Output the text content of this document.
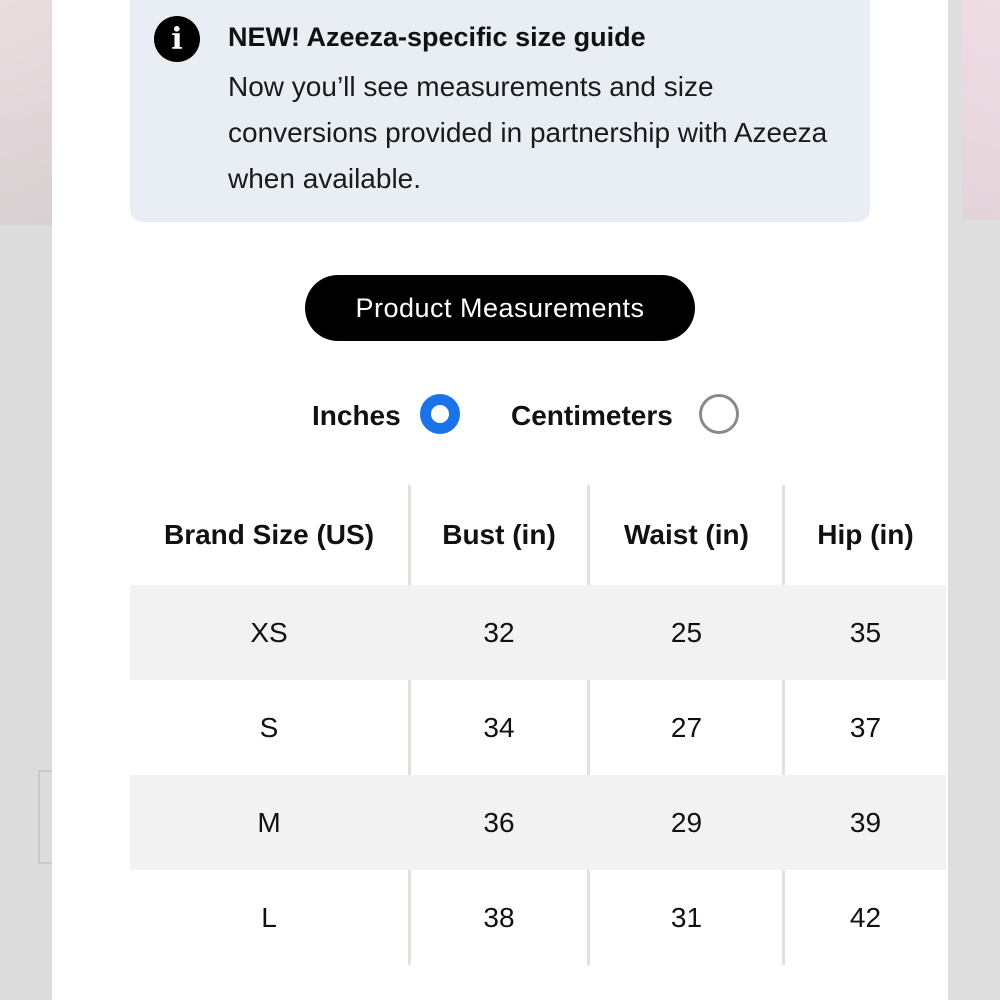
i	NEW! Azeeza-specific size guide
Now you’ll see measurements and size conversions provided in partnership with Azeeza when available.
Product Measurements
Inches	Centimeters
Brand Size (US)	Bust (in)	Waist (in)	Hip (in)
XS	32	25	35
S	34	27	37
M	36	29	39
L	38	31	42
